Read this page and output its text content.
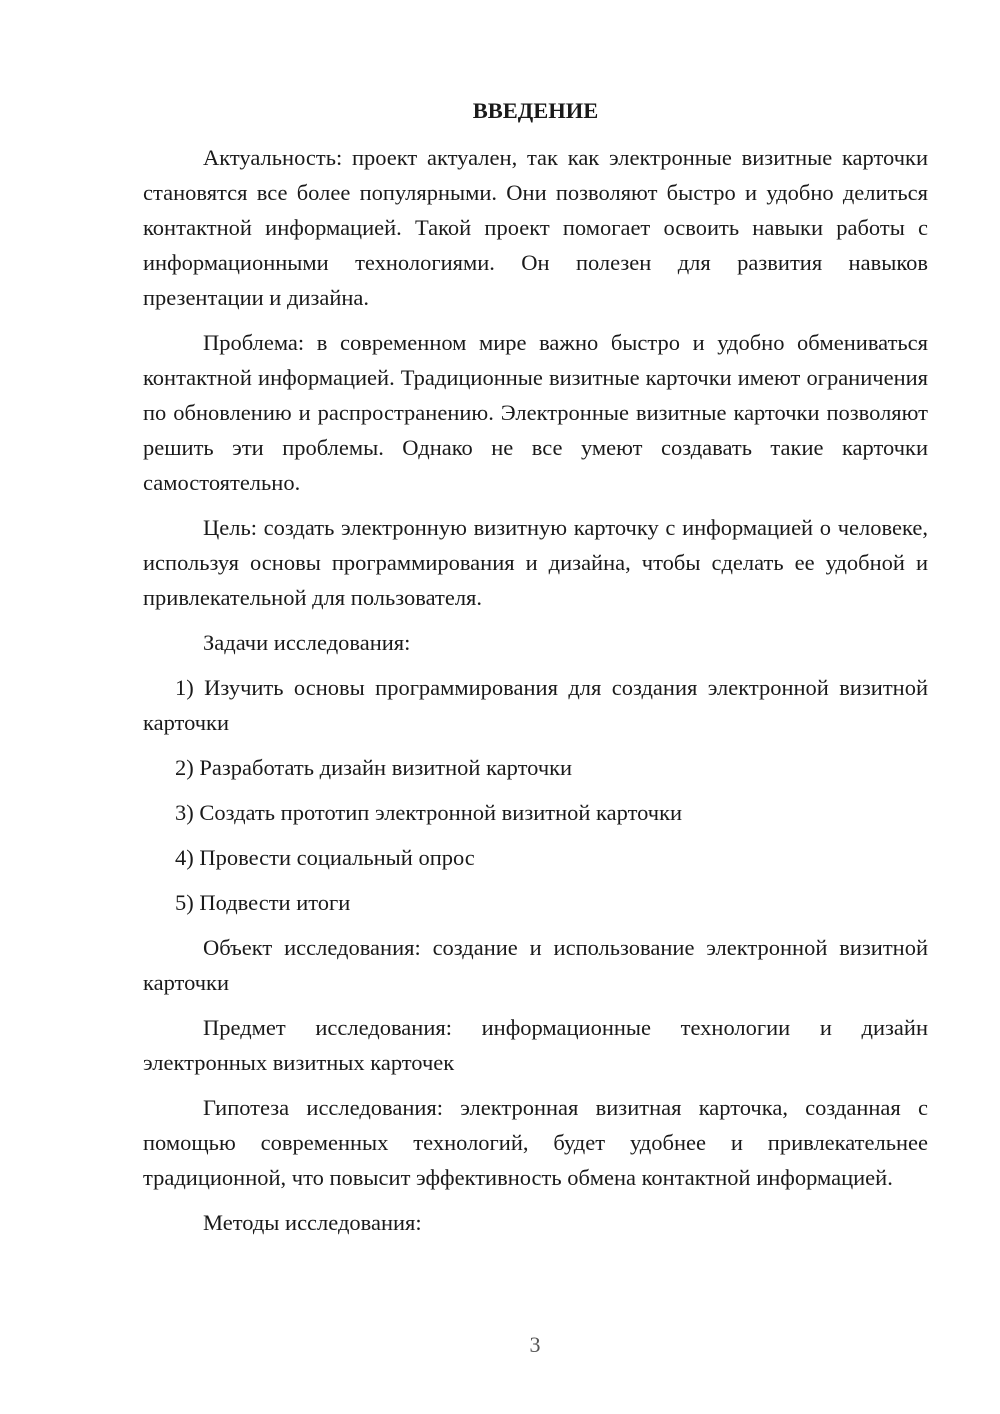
ВВЕДЕНИЕ

Актуальность: проект актуален, так как электронные визитные карточки становятся все более популярными. Они позволяют быстро и удобно делиться контактной информацией. Такой проект помогает освоить навыки работы с информационными технологиями. Он полезен для развития навыков презентации и дизайна.

Проблема: в современном мире важно быстро и удобно обмениваться контактной информацией. Традиционные визитные карточки имеют ограничения по обновлению и распространению. Электронные визитные карточки позволяют решить эти проблемы. Однако не все умеют создавать такие карточки самостоятельно.

Цель: создать электронную визитную карточку с информацией о человеке, используя основы программирования и дизайна, чтобы сделать ее удобной и привлекательной для пользователя.

Задачи исследования:

1) Изучить основы программирования для создания электронной визитной карточки

2) Разработать дизайн визитной карточки

3) Создать прототип электронной визитной карточки

4) Провести социальный опрос

5) Подвести итоги

Объект исследования: создание и использование электронной визитной карточки

Предмет исследования: информационные технологии и дизайн электронных визитных карточек

Гипотеза исследования: электронная визитная карточка, созданная с помощью современных технологий, будет удобнее и привлекательнее традиционной, что повысит эффективность обмена контактной информацией.

Методы исследования:

3
